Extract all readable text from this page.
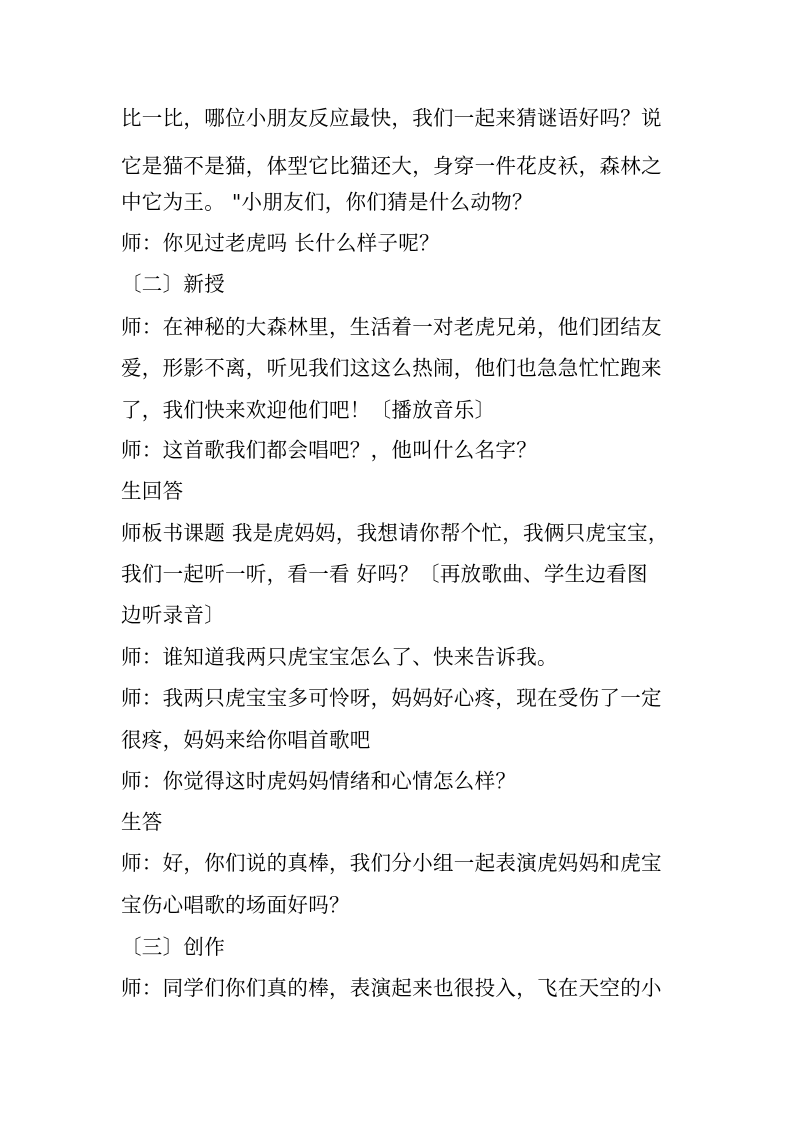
比一比，哪位小朋友反应最快，我们一起来猜谜语好吗？说
它是猫不是猫，体型它比猫还大，身穿一件花皮袄，森林之
中它为王。 "小朋友们，你们猜是什么动物？
师：你见过老虎吗 长什么样子呢？
〔二〕新授
师：在神秘的大森林里，生活着一对老虎兄弟，他们团结友
爱，形影不离，听见我们这这么热闹，他们也急急忙忙跑来
了，我们快来欢迎他们吧！〔播放音乐〕
师：这首歌我们都会唱吧？，他叫什么名字？
生回答
师板书课题 我是虎妈妈，我想请你帮个忙，我俩只虎宝宝，
我们一起听一听，看一看 好吗？〔再放歌曲、学生边看图
边听录音〕
师：谁知道我两只虎宝宝怎么了、快来告诉我。
师：我两只虎宝宝多可怜呀，妈妈好心疼，现在受伤了一定
很疼，妈妈来给你唱首歌吧
师：你觉得这时虎妈妈情绪和心情怎么样？
生答
师：好，你们说的真棒，我们分小组一起表演虎妈妈和虎宝
宝伤心唱歌的场面好吗？
〔三〕创作
师：同学们你们真的棒，表演起来也很投入，飞在天空的小
